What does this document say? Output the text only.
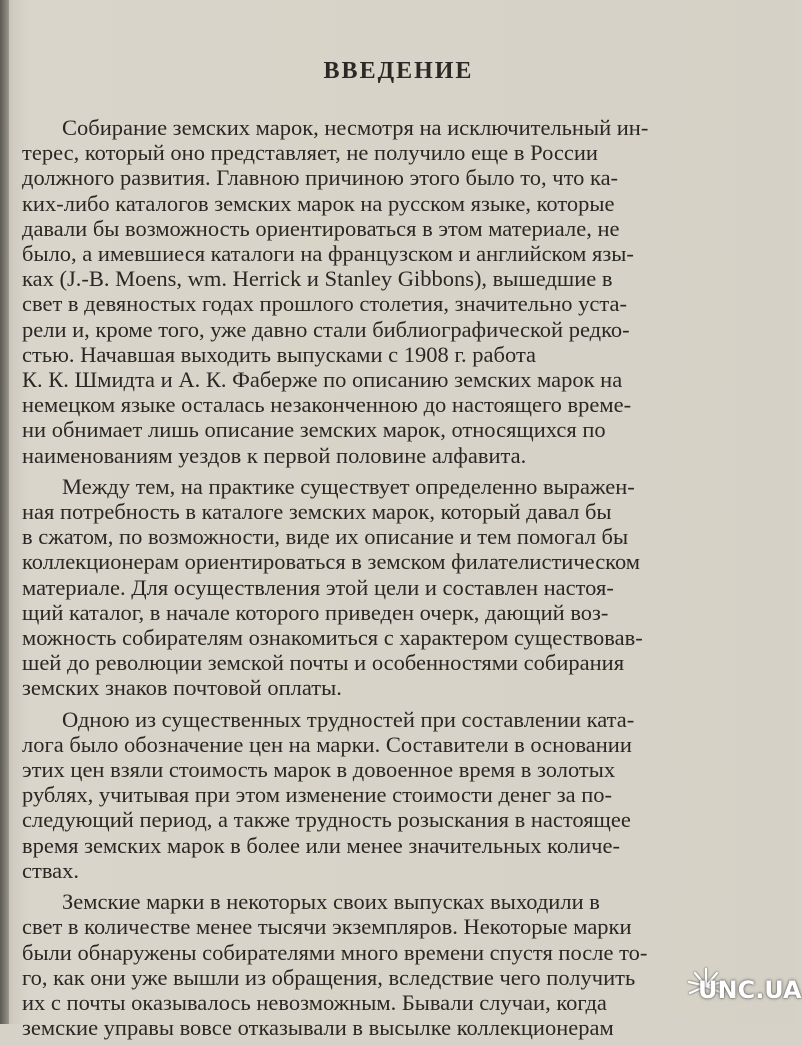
ВВЕДЕНИЕ
Собирание земских марок, несмотря на исключительный ин-
терес, который оно представляет, не получило еще в России
должного развития. Главною причиною этого было то, что ка-
ких-либо каталогов земских марок на русском языке, которые
давали бы возможность ориентироваться в этом материале, не
было, а имевшиеся каталоги на французском и английском язы-
ках (J.-B. Moens, wm. Herrick и Stanley Gibbons), вышедшие в
свет в девяностых годах прошлого столетия, значительно уста-
рели и, кроме того, уже давно стали библиографической редко-
стью. Начавшая выходить выпусками с 1908 г. работа
К. К. Шмидта и А. К. Фаберже по описанию земских марок на
немецком языке осталась незаконченною до настоящего време-
ни обнимает лишь описание земских марок, относящихся по
наименованиям уездов к первой половине алфавита.
Между тем, на практике существует определенно выражен-
ная потребность в каталоге земских марок, который давал бы
в сжатом, по возможности, виде их описание и тем помогал бы
коллекционерам ориентироваться в земском филателистическом
материале. Для осуществления этой цели и составлен настоя-
щий каталог, в начале которого приведен очерк, дающий воз-
можность собирателям ознакомиться с характером существовав-
шей до революции земской почты и особенностями собирания
земских знаков почтовой оплаты.
Одною из существенных трудностей при составлении ката-
лога было обозначение цен на марки. Составители в основании
этих цен взяли стоимость марок в довоенное время в золотых
рублях, учитывая при этом изменение стоимости денег за по-
следующий период, а также трудность розыскания в настоящее
время земских марок в более или менее значительных количе-
ствах.
Земские марки в некоторых своих выпусках выходили в
свет в количестве менее тысячи экземпляров. Некоторые марки
были обнаружены собирателями много времени спустя после то-
го, как они уже вышли из обращения, вследствие чего получить
их с почты оказывалось невозможным. Бывали случаи, когда
земские управы вовсе отказывали в высылке коллекционерам
UNC.UA
